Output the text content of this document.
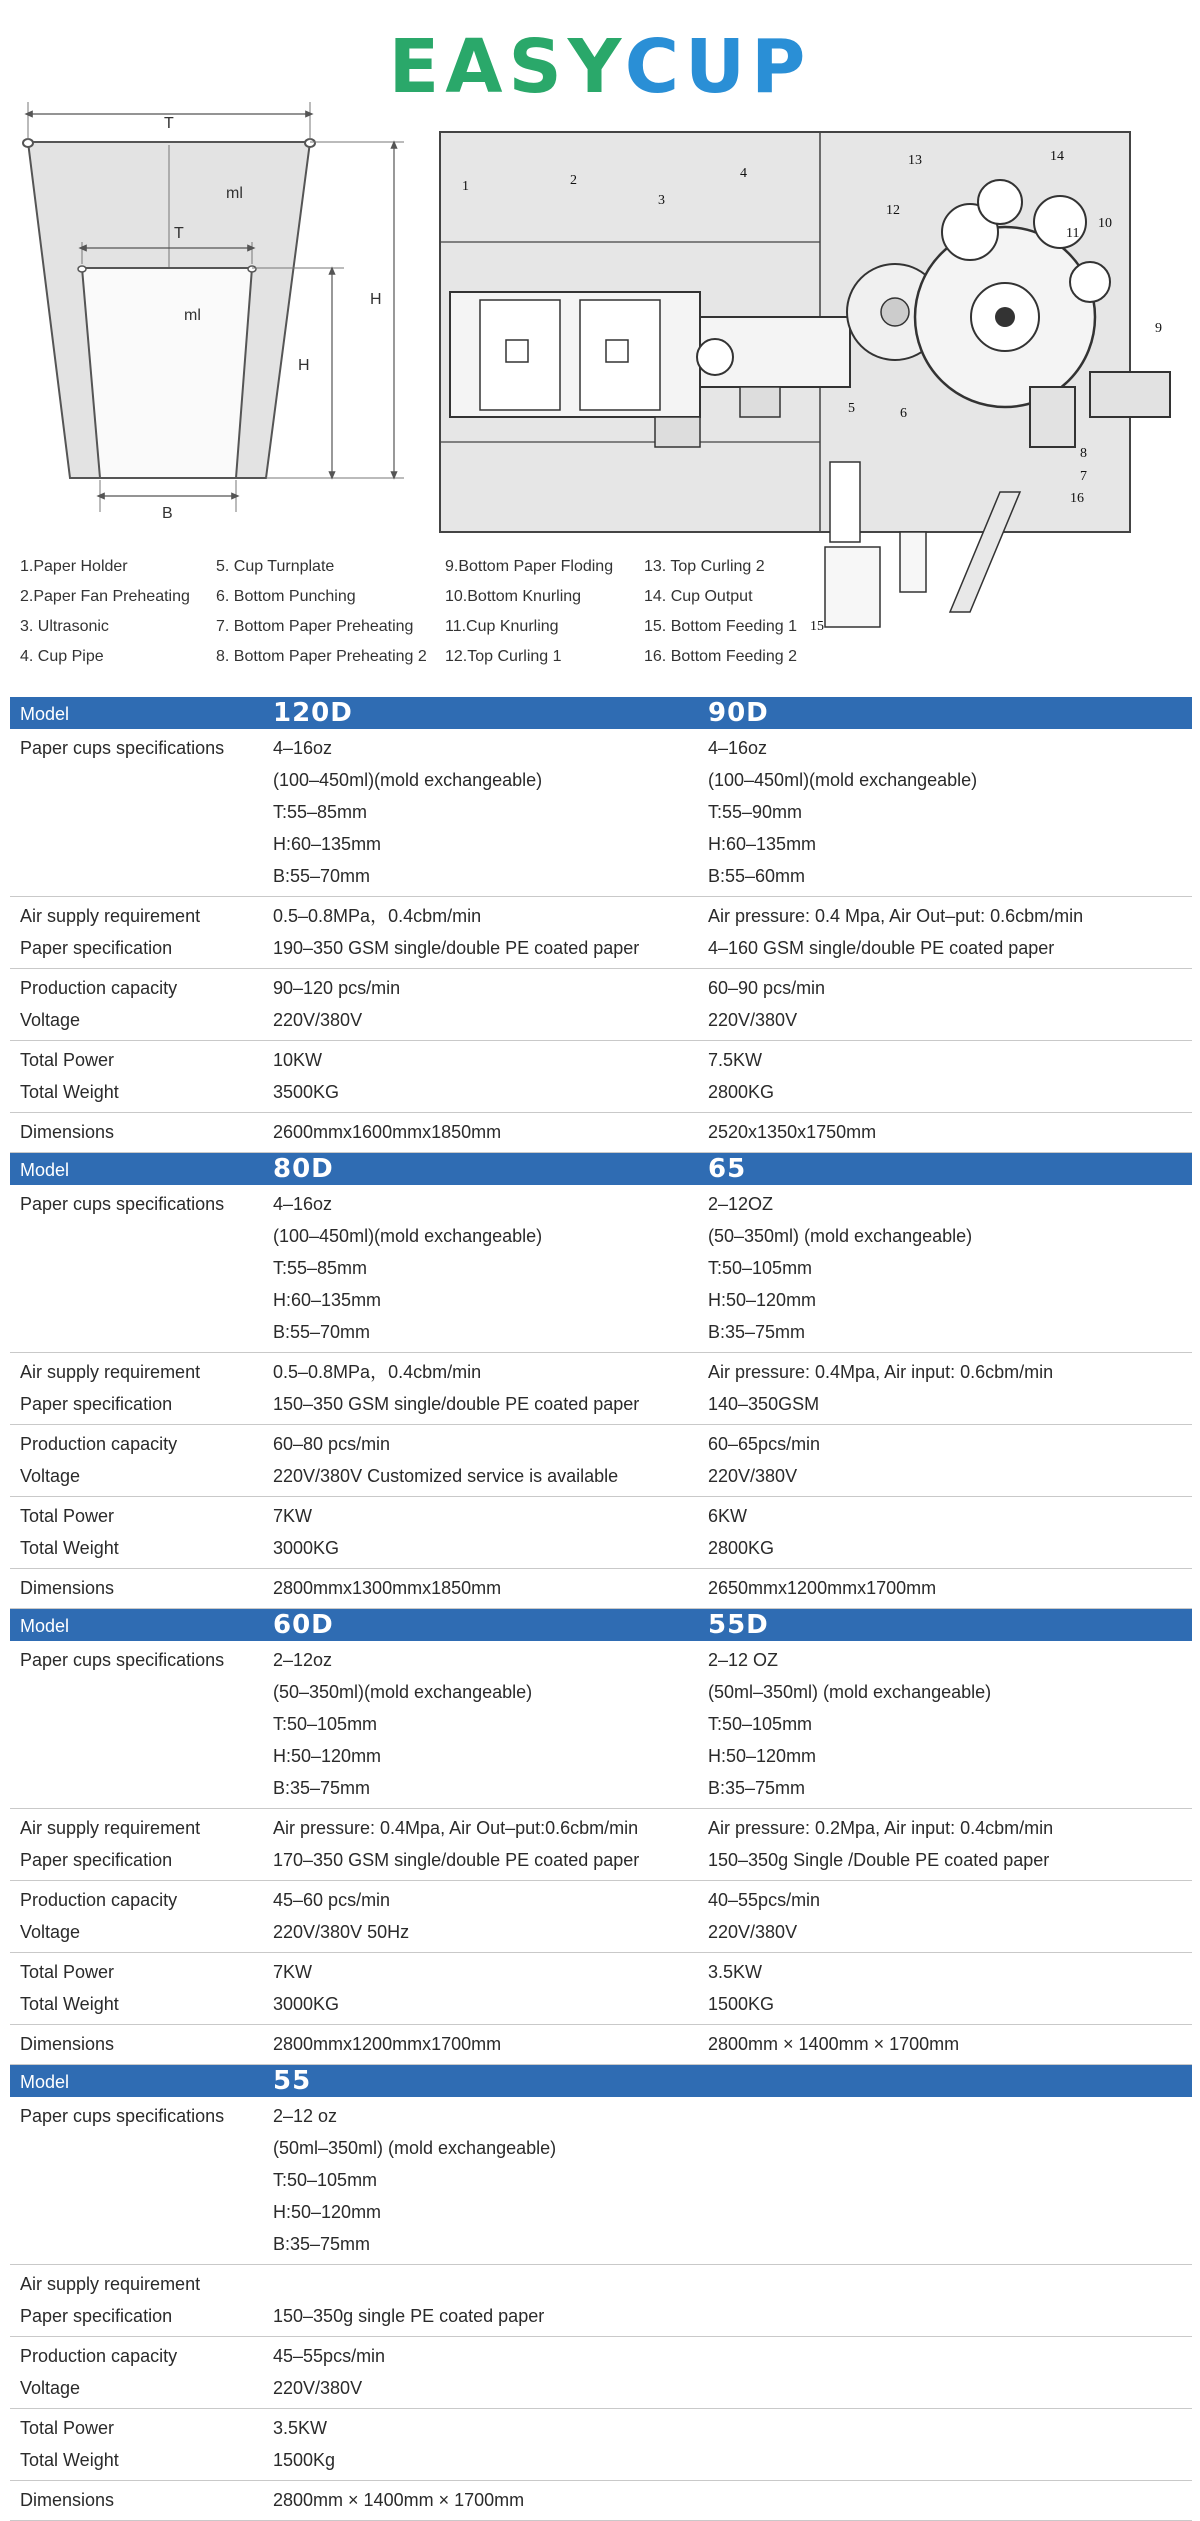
EASYCUP
T
ml
H
T
ml
H
B
1	2
3
4
5	6
7
8
9
10
11
12
13	14
15
16
1.Paper Holder
2.Paper Fan Preheating
3. Ultrasonic
4. Cup Pipe
5. Cup Turnplate
6. Bottom Punching
7. Bottom Paper Preheating
8. Bottom Paper Preheating 2
9.Bottom Paper Floding
10.Bottom Knurling
11.Cup Knurling
12.Top Curling 1
13. Top Curling 2
14. Cup Output
15. Bottom Feeding 1
16. Bottom Feeding 2
Model	120D	90D
Paper cups specifications	4–16oz	4–16oz
(100–450ml)(mold exchangeable)	(100–450ml)(mold exchangeable)
T:55–85mm	T:55–90mm
H:60–135mm	H:60–135mm
B:55–70mm	B:55–60mm
Air supply requirement	0.5–0.8MPa，0.4cbm/min	Air pressure: 0.4 Mpa, Air Out–put: 0.6cbm/min
Paper specification	190–350 GSM single/double PE coated paper	4–160 GSM single/double PE coated paper
Production capacity	90–120 pcs/min	60–90 pcs/min
Voltage	220V/380V	220V/380V
Total Power	10KW	7.5KW
Total Weight	3500KG	2800KG
Dimensions	2600mmx1600mmx1850mm	2520x1350x1750mm
Model	80D	65
Paper cups specifications	4–16oz	2–12OZ
(100–450ml)(mold exchangeable)	(50–350ml) (mold exchangeable)
T:55–85mm	T:50–105mm
H:60–135mm	H:50–120mm
B:55–70mm	B:35–75mm
Air supply requirement	0.5–0.8MPa，0.4cbm/min	Air pressure: 0.4Mpa, Air input: 0.6cbm/min
Paper specification	150–350 GSM single/double PE coated paper	140–350GSM
Production capacity	60–80 pcs/min	60–65pcs/min
Voltage	220V/380V Customized service is available	220V/380V
Total Power	7KW	6KW
Total Weight	3000KG	2800KG
Dimensions	2800mmx1300mmx1850mm	2650mmx1200mmx1700mm
Model	60D	55D
Paper cups specifications	2–12oz	2–12 OZ
(50–350ml)(mold exchangeable)	(50ml–350ml) (mold exchangeable)
T:50–105mm	T:50–105mm
H:50–120mm	H:50–120mm
B:35–75mm	B:35–75mm
Air supply requirement	Air pressure: 0.4Mpa, Air Out–put:0.6cbm/min	Air pressure: 0.2Mpa, Air input: 0.4cbm/min
Paper specification	170–350 GSM single/double PE coated paper	150–350g Single /Double PE coated paper
Production capacity	45–60 pcs/min	40–55pcs/min
Voltage	220V/380V 50Hz	220V/380V
Total Power	7KW	3.5KW
Total Weight	3000KG	1500KG
Dimensions	2800mmx1200mmx1700mm	2800mm × 1400mm × 1700mm
Model	55
Paper cups specifications	2–12 oz
(50ml–350ml) (mold exchangeable)
T:50–105mm
H:50–120mm
B:35–75mm
Air supply requirement
Paper specification	150–350g single PE coated paper
Production capacity	45–55pcs/min
Voltage	220V/380V
Total Power	3.5KW
Total Weight	1500Kg
Dimensions	2800mm × 1400mm × 1700mm
